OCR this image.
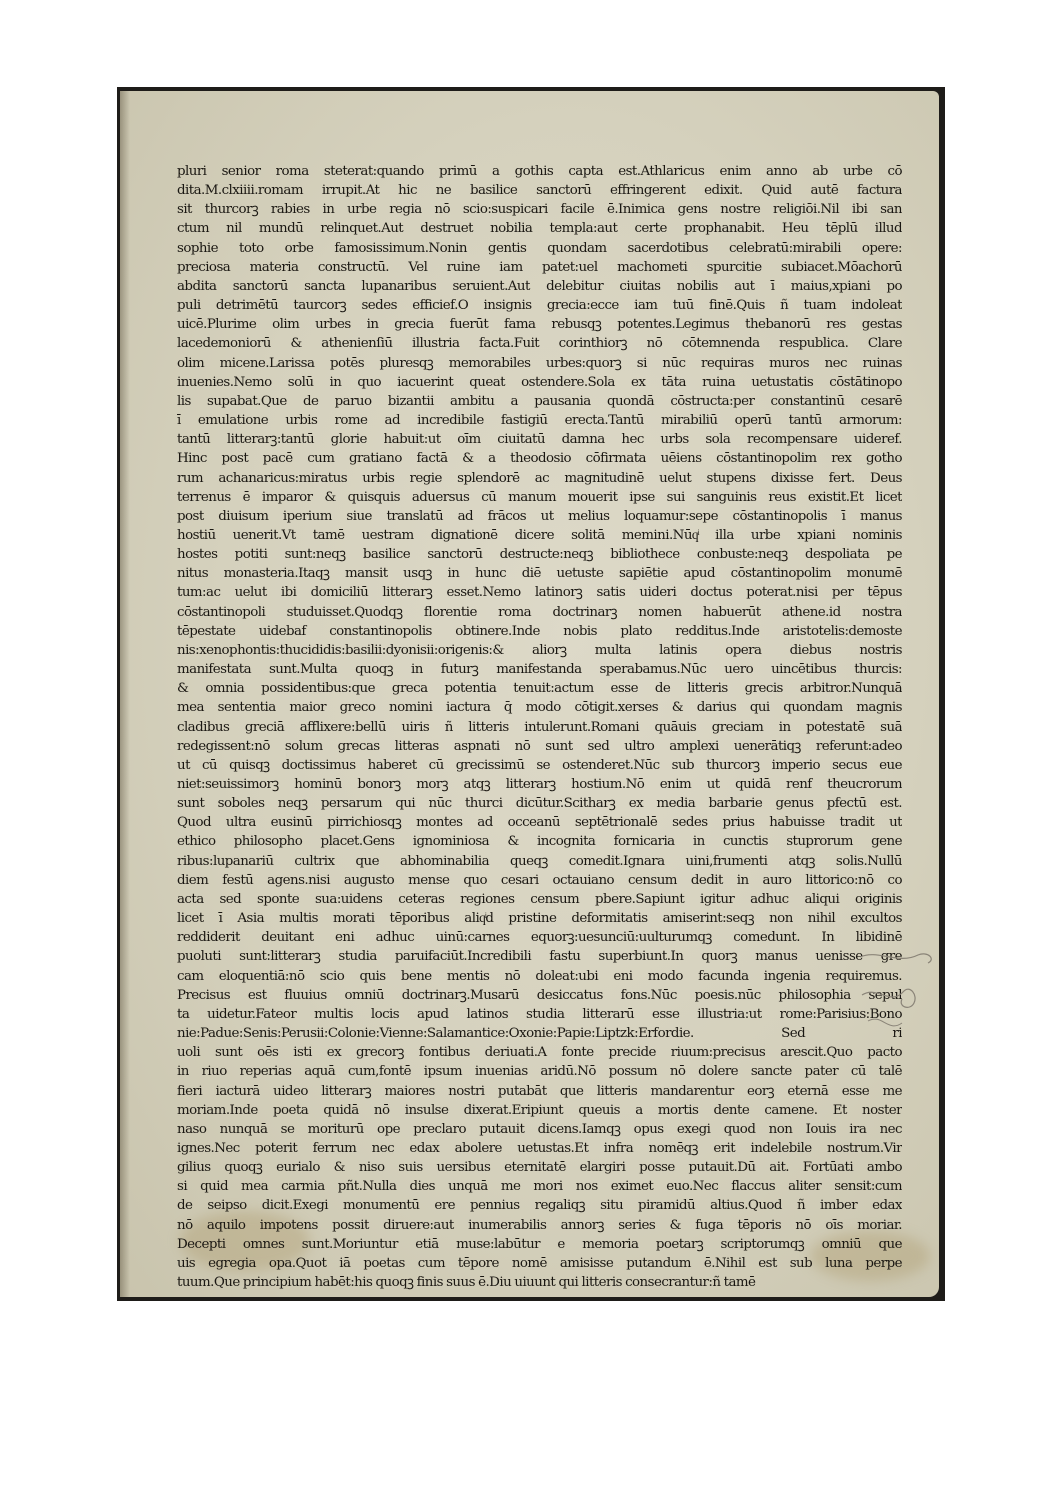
pluri senior roma steterat:quando primū a gothis capta est.Athlaricus enim anno ab urbe cō
dita.M.clxiiii.romam irrupit.At hic ne basilice sanctorū effringerent edixit. Quid autē factura
sit thurcorꝫ rabies in urbe regia nō scio:suspicari facile ē.Inimica gens nostre religiōi.Nil ibi san
ctum nil mundū relinquet.Aut destruet nobilia templa:aut certe prophanabit. Heu tēplū illud
sophie toto orbe famosissimum.Nonin gentis quondam sacerdotibus celebratū:mirabili opere:
preciosa materia constructū. Vel ruine iam patet:uel machometi spurcitie subiacet.Mōachorū
abdita sanctorū sancta lupanaribus seruient.Aut delebitur ciuitas nobilis aut ī maius,xpiani po
puli detrimētū taurcorꝫ sedes efficief.O insignis grecia:ecce iam tuū finē.Quis ñ tuam indoleat
uicē.Plurime olim urbes in grecia fuerūt fama rebusqꝫ potentes.Legimus thebanorū res gestas
lacedemoniorū & athenienſiū illustria facta.Fuit corinthiorꝫ nō cōtemnenda respublica. Clare
olim micene.Larissa potēs pluresqꝫ memorabiles urbes:quorꝫ si nūc requiras muros nec ruinas
inuenies.Nemo solū in quo iacuerint queat ostendere.Sola ex tāta ruina uetustatis cōstātinopo
lis supabat.Que de paruo bizantii ambitu a pausania quondā cōstructa:per constantinū cesarē
ī emulatione urbis rome ad incredibile fastigiū erecta.Tantū mirabiliū operū tantū armorum:
tantū litterarꝫ:tantū glorie habuit:ut oīm ciuitatū damna hec urbs sola recompensare uideref.
Hinc post pacē cum gratiano factā & a theodosio cōfirmata uēiens cōstantinopolim rex gotho
rum achanaricus:miratus urbis regie splendorē ac magnitudinē uelut stupens dixisse fert. Deus
terrenus ē imparor & quisquis aduersus cū manum mouerit ipse sui sanguinis reus existit.Et licet
post diuisum iperium siue translatū ad frācos ut melius loquamur:sepe cōstantinopolis ī manus
hostiū uenerit.Vt tamē uestram dignationē dicere solitā memini.Nūqͥ illa urbe xpiani nominis
hostes potiti sunt:neqꝫ basilice sanctorū destructe:neqꝫ bibliothece conbuste:neqꝫ despoliata pe
nitus monasteria.Itaqꝫ mansit usqꝫ in hunc diē uetuste sapiētie apud cōstantinopolim monumē
tum:ac uelut ibi domiciliū litterarꝫ esset.Nemo latinorꝫ satis uideri doctus poterat.nisi per tēpus
cōstantinopoli studuisset.Quodqꝫ florentie roma doctrinarꝫ nomen habuerūt athene.id nostra
tēpestate uidebaf constantinopolis obtinere.Inde nobis plato redditus.Inde aristotelis:demoste
nis:xenophontis:thucididis:basilii:dyonisii:origenis:& aliorꝫ multa latinis opera diebus nostris
manifestata sunt.Multa quoqꝫ in futurꝫ manifestanda sperabamus.Nūc uero uincētibus thurcis:
& omnia possidentibus:que greca potentia tenuit:actum esse de litteris grecis arbitror.Nunquā
mea sententia maior greco nomini iactura q̄ modo cōtigit.xerses & darius qui quondam magnis
cladibus greciā afflixere:bellū uiris ñ litteris intulerunt.Romani quāuis greciam in potestatē suā
redegissent:nō solum grecas litteras aspnati nō sunt sed ultro amplexi uenerātiqꝫ referunt:adeo
ut cū quisqꝫ doctissimus haberet cū grecissimū se ostenderet.Nūc sub thurcorꝫ imperio secus eue
niet:seuissimorꝫ hominū bonorꝫ morꝫ atqꝫ litterarꝫ hostium.Nō enim ut quidā renf theucrorum
sunt soboles neqꝫ persarum qui nūc thurci dicūtur.Scitharꝫ ex media barbarie genus pfectū est.
Quod ultra eusinū pirrichiosqꝫ montes ad occeanū septētrionalē sedes prius habuisse tradit ut
ethico philosopho placet.Gens ignominiosa & incognita fornicaria in cunctis stuprorum gene
ribus:lupanariū cultrix que abhominabilia queqꝫ comedit.Ignara uini,frumenti atqꝫ solis.Nullū
diem festū agens.nisi augusto mense quo cesari octauiano censum dedit in auro littorico:nō co
acta sed sponte sua:uidens ceteras regiones censum pbere.Sapiunt igitur adhuc aliqui originis
licet ī Asia multis morati tēporibus aliqͥd pristine deformitatis amiserint:seqꝫ non nihil excultos
reddiderit deuitant eni adhuc uinū:carnes equorꝫ:uesunciū:uulturumqꝫ comedunt. In libidinē
puoluti sunt:litterarꝫ studia paruifaciūt.Incredibili fastu superbiunt.In quorꝫ manus uenisse gre
cam eloquentiā:nō scio quis bene mentis nō doleat:ubi eni modo facunda ingenia requiremus.
Precisus est fluuius omniū doctrinarꝫ.Musarū desiccatus fons.Nūc poesis.nūc philosophia sepul
ta uidetur.Fateor multis locis apud latinos studia litterarū esse illustria:ut rome:Parisius:Bono
nie:Padue:Senis:Perusii:Colonie:Vienne:Salamantice:Oxonie:Papie:Liptzk:Erfordie. Sed ri
uoli sunt oēs isti ex grecorꝫ fontibus deriuati.A fonte precide riuum:precisus arescit.Quo pacto
in riuo reperias aquā cum,fontē ipsum inuenias aridū.Nō possum nō dolere sancte pater cū talē
fieri iacturā uideo litterarꝫ maiores nostri putabāt que litteris mandarentur eorꝫ eternā esse me
moriam.Inde poeta quidā nō insulse dixerat.Eripiunt queuis a mortis dente camene. Et noster
naso nunquā se moriturū ope preclaro putauit dicens.Iamqꝫ opus exegi quod non Iouis ira nec
ignes.Nec poterit ferrum nec edax abolere uetustas.Et infra nomēqꝫ erit indelebile nostrum.Vir
gilius quoqꝫ eurialo & niso suis uersibus eternitatē elargiri posse putauit.Dū ait. Fortūati ambo
si quid mea carmia pñt.Nulla dies unquā me mori nos eximet euo.Nec flaccus aliter sensit:cum
de seipso dicit.Exegi monumentū ere pennius regaliqꝫ situ piramidū altius.Quod ñ imber edax
nō aquilo impotens possit diruere:aut inumerabilis annorꝫ series & fuga tēporis nō oīs moriar.
Decepti omnes sunt.Moriuntur etiā muse:labūtur e memoria poetarꝫ scriptorumqꝫ omniū que
uis egregia opa.Quot iā poetas cum tēpore nomē amisisse putandum ē.Nihil est sub luna perpe
tuum.Que principium habēt:his quoqꝫ finis suus ē.Diu uiuunt qui litteris consecrantur:ñ tamē
